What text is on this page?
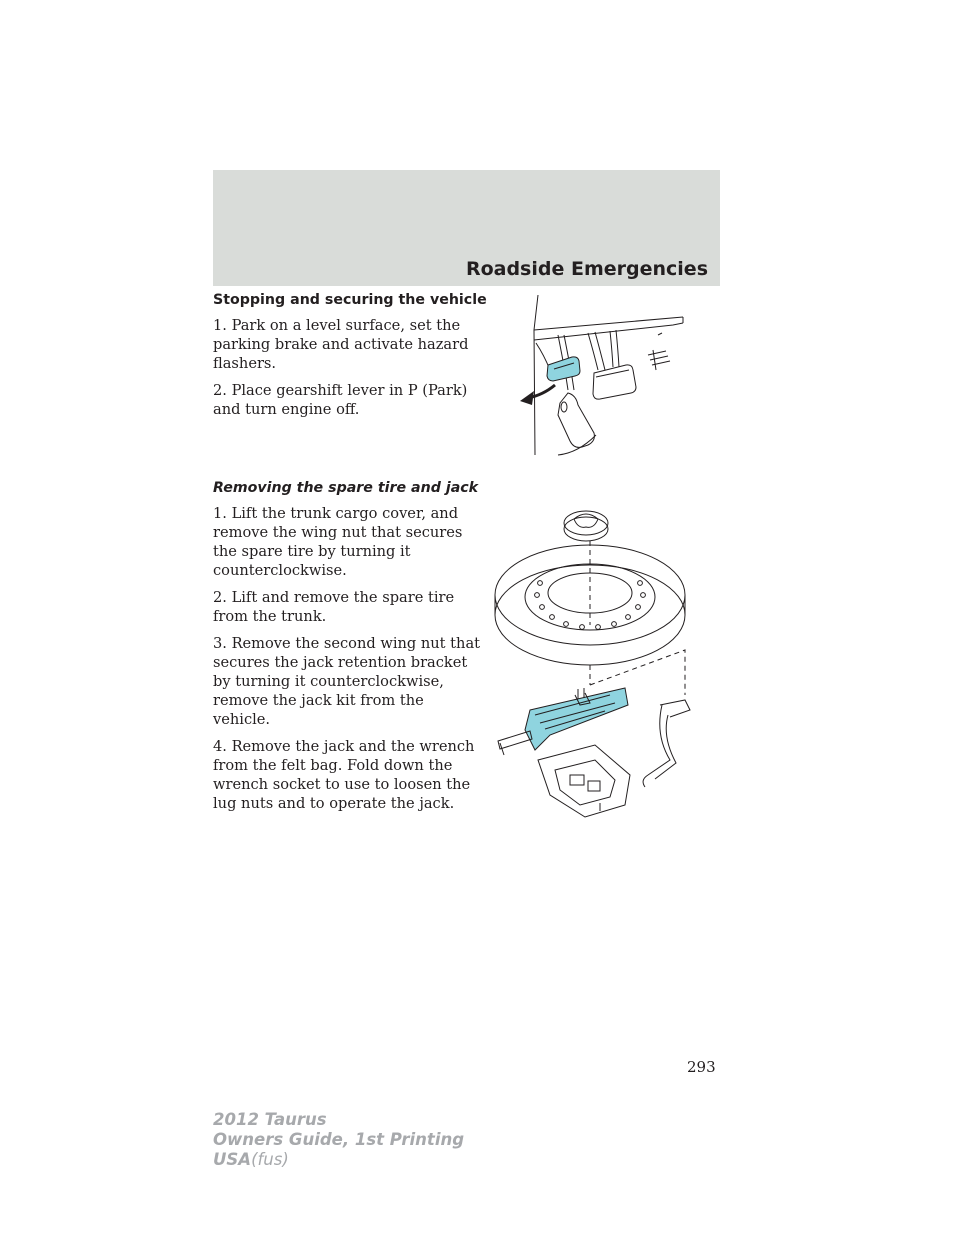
Roadside Emergencies
Stopping and securing the vehicle

1. Park on a level surface, set the parking brake and activate hazard flashers.

2. Place gearshift lever in P (Park) and turn engine off.

Removing the spare tire and jack

1. Lift the trunk cargo cover, and remove the wing nut that secures the spare tire by turning it counterclockwise.

2. Lift and remove the spare tire from the trunk.

3. Remove the second wing nut that secures the jack retention bracket by turning it counterclockwise, remove the jack kit from the vehicle.

4. Remove the jack and the wrench from the felt bag. Fold down the wrench socket to use to loosen the lug nuts and to operate the jack.

293
2012 Taurus
Owners Guide, 1st Printing
USA(fus)
